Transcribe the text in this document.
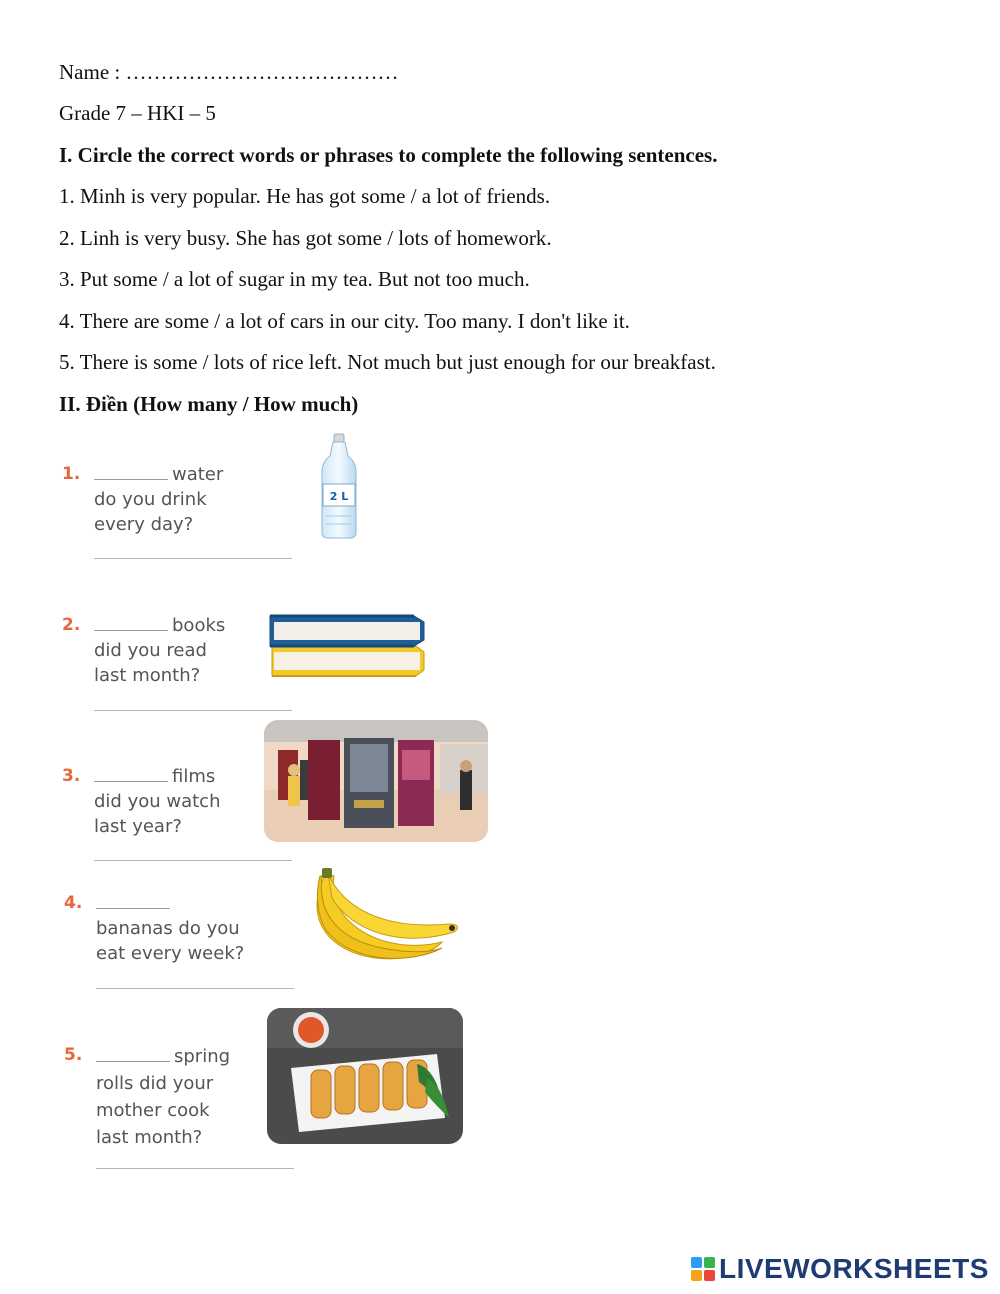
Name : …………………………………
Grade 7 – HKI – 5
I. Circle the correct words or phrases to complete the following sentences.
1. Minh is very popular. He has got some / a lot of friends.
2. Linh is very busy. She has got some / lots of homework.
3. Put some / a lot of sugar in my tea. But not too much.
4. There are some / a lot of cars in our city. Too many. I don't like it.
5. There is some / lots of rice left. Not much but just enough for our breakfast.
II. Điền (How many / How much)
1.	water
do you drink
every day?
2 L
2.	books
did you read
last month?
3.	films
did you watch
last year?
4.

bananas do you
eat every week?
5.	spring
rolls did your
mother cook
last month?
LIVEWORKSHEETS
